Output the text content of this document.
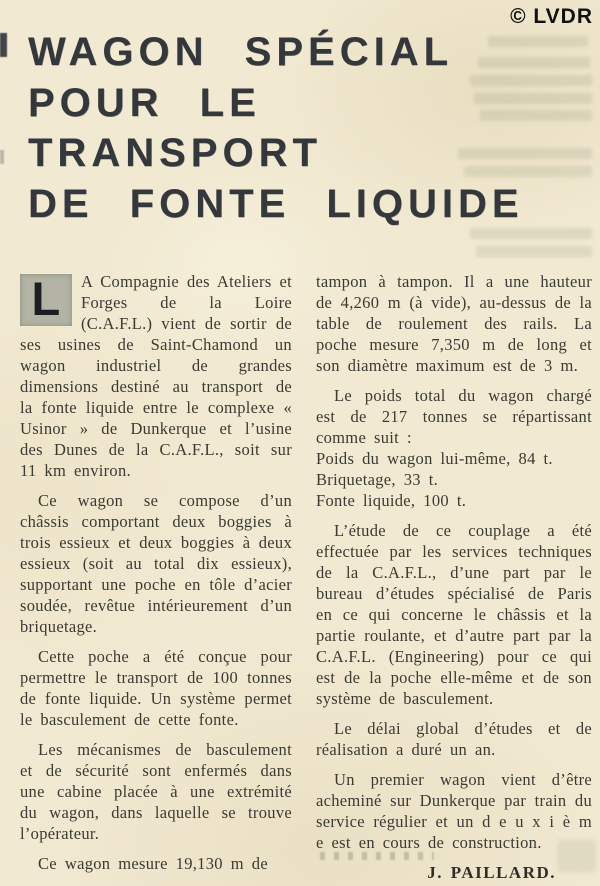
© LVDR
WAGON SPÉCIAL
POUR LE
TRANSPORT
DE FONTE LIQUIDE

L	A Compagnie des Ateliers et Forges de la Loire (C.A.F.L.) vient de sortir de ses usines de Saint-Chamond un wagon industriel de grandes dimensions destiné au transport de la fonte liquide entre le complexe « Usinor » de Dunkerque et l’usine des Dunes de la C.A.F.L., soit sur 11 km environ.

Ce wagon se compose d’un châssis comportant deux boggies à trois essieux et deux boggies à deux essieux (soit au total dix essieux), supportant une poche en tôle d’acier soudée, revêtue intérieurement d’un briquetage.

Cette poche a été conçue pour permettre le transport de 100 tonnes de fonte liquide. Un système permet le basculement de cette fonte.

Les mécanismes de basculement et de sécurité sont enfermés dans une cabine placée à une extrémité du wagon, dans laquelle se trouve l’opérateur.

Ce wagon mesure 19,130 m de

tampon à tampon. Il a une hauteur de 4,260 m (à vide), au-dessus de la table de roulement des rails. La poche mesure 7,350 m de long et son diamètre maximum est de 3 m.

Le poids total du wagon chargé est de 217 tonnes se répartissant comme suit :

Poids du wagon lui-même, 84 t.
Briquetage, 33 t.
Fonte liquide, 100 t.

L’étude de ce couplage a été effectuée par les services techniques de la C.A.F.L., d’une part par le bureau d’études spécialisé de Paris en ce qui concerne le châssis et la partie roulante, et d’autre part par la C.A.F.L. (Engineering) pour ce qui est de la poche elle-même et de son système de basculement.

Le délai global d’études et de réalisation a duré un an.

Un premier wagon vient d’être acheminé sur Dunkerque par train du service régulier et un d e u x i è m e est en cours de construction.

J. PAILLARD.
